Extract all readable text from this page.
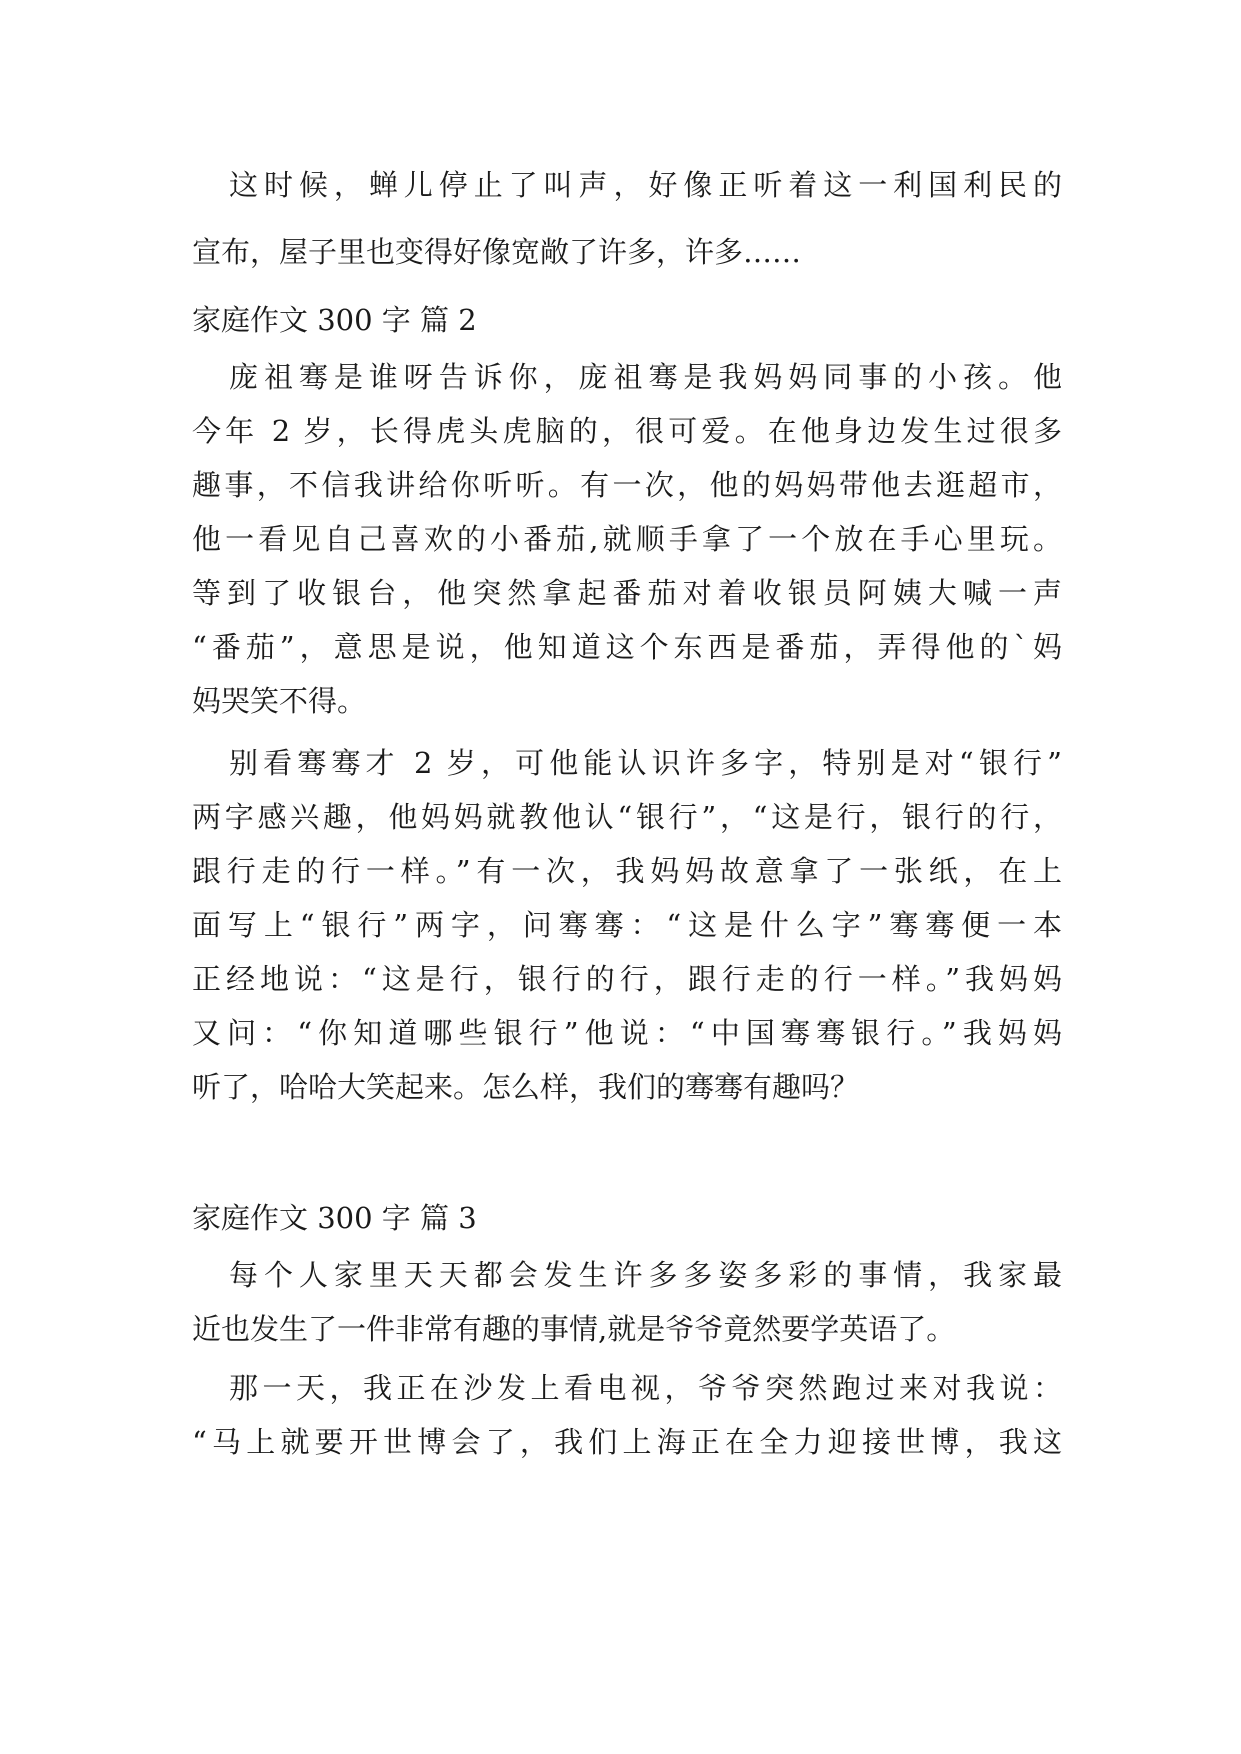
这时候，蝉儿停止了叫声，好像正听着这一利国利民的
宣布，屋子里也变得好像宽敞了许多，许多……
家庭作文 300 字 篇 2
庞祖骞是谁呀告诉你，庞祖骞是我妈妈同事的小孩。他
今年 2 岁，长得虎头虎脑的，很可爱。在他身边发生过很多
趣事，不信我讲给你听听。有一次，他的妈妈带他去逛超市，
他一看见自己喜欢的小番茄,就顺手拿了一个放在手心里玩。
等到了收银台，他突然拿起番茄对着收银员阿姨大喊一声
“番茄”，意思是说，他知道这个东西是番茄，弄得他的`妈
妈哭笑不得。
别看骞骞才 2 岁，可他能认识许多字，特别是对“银行”
两字感兴趣，他妈妈就教他认“银行”，“这是行，银行的行，
跟行走的行一样。”有一次，我妈妈故意拿了一张纸，在上
面写上“银行”两字，问骞骞：“这是什么字”骞骞便一本
正经地说：“这是行，银行的行，跟行走的行一样。”我妈妈
又问：“你知道哪些银行”他说：“中国骞骞银行。”我妈妈
听了，哈哈大笑起来。怎么样，我们的骞骞有趣吗？
家庭作文 300 字 篇 3
每个人家里天天都会发生许多多姿多彩的事情，我家最
近也发生了一件非常有趣的事情,就是爷爷竟然要学英语了。
那一天，我正在沙发上看电视，爷爷突然跑过来对我说：
“马上就要开世博会了，我们上海正在全力迎接世博，我这
